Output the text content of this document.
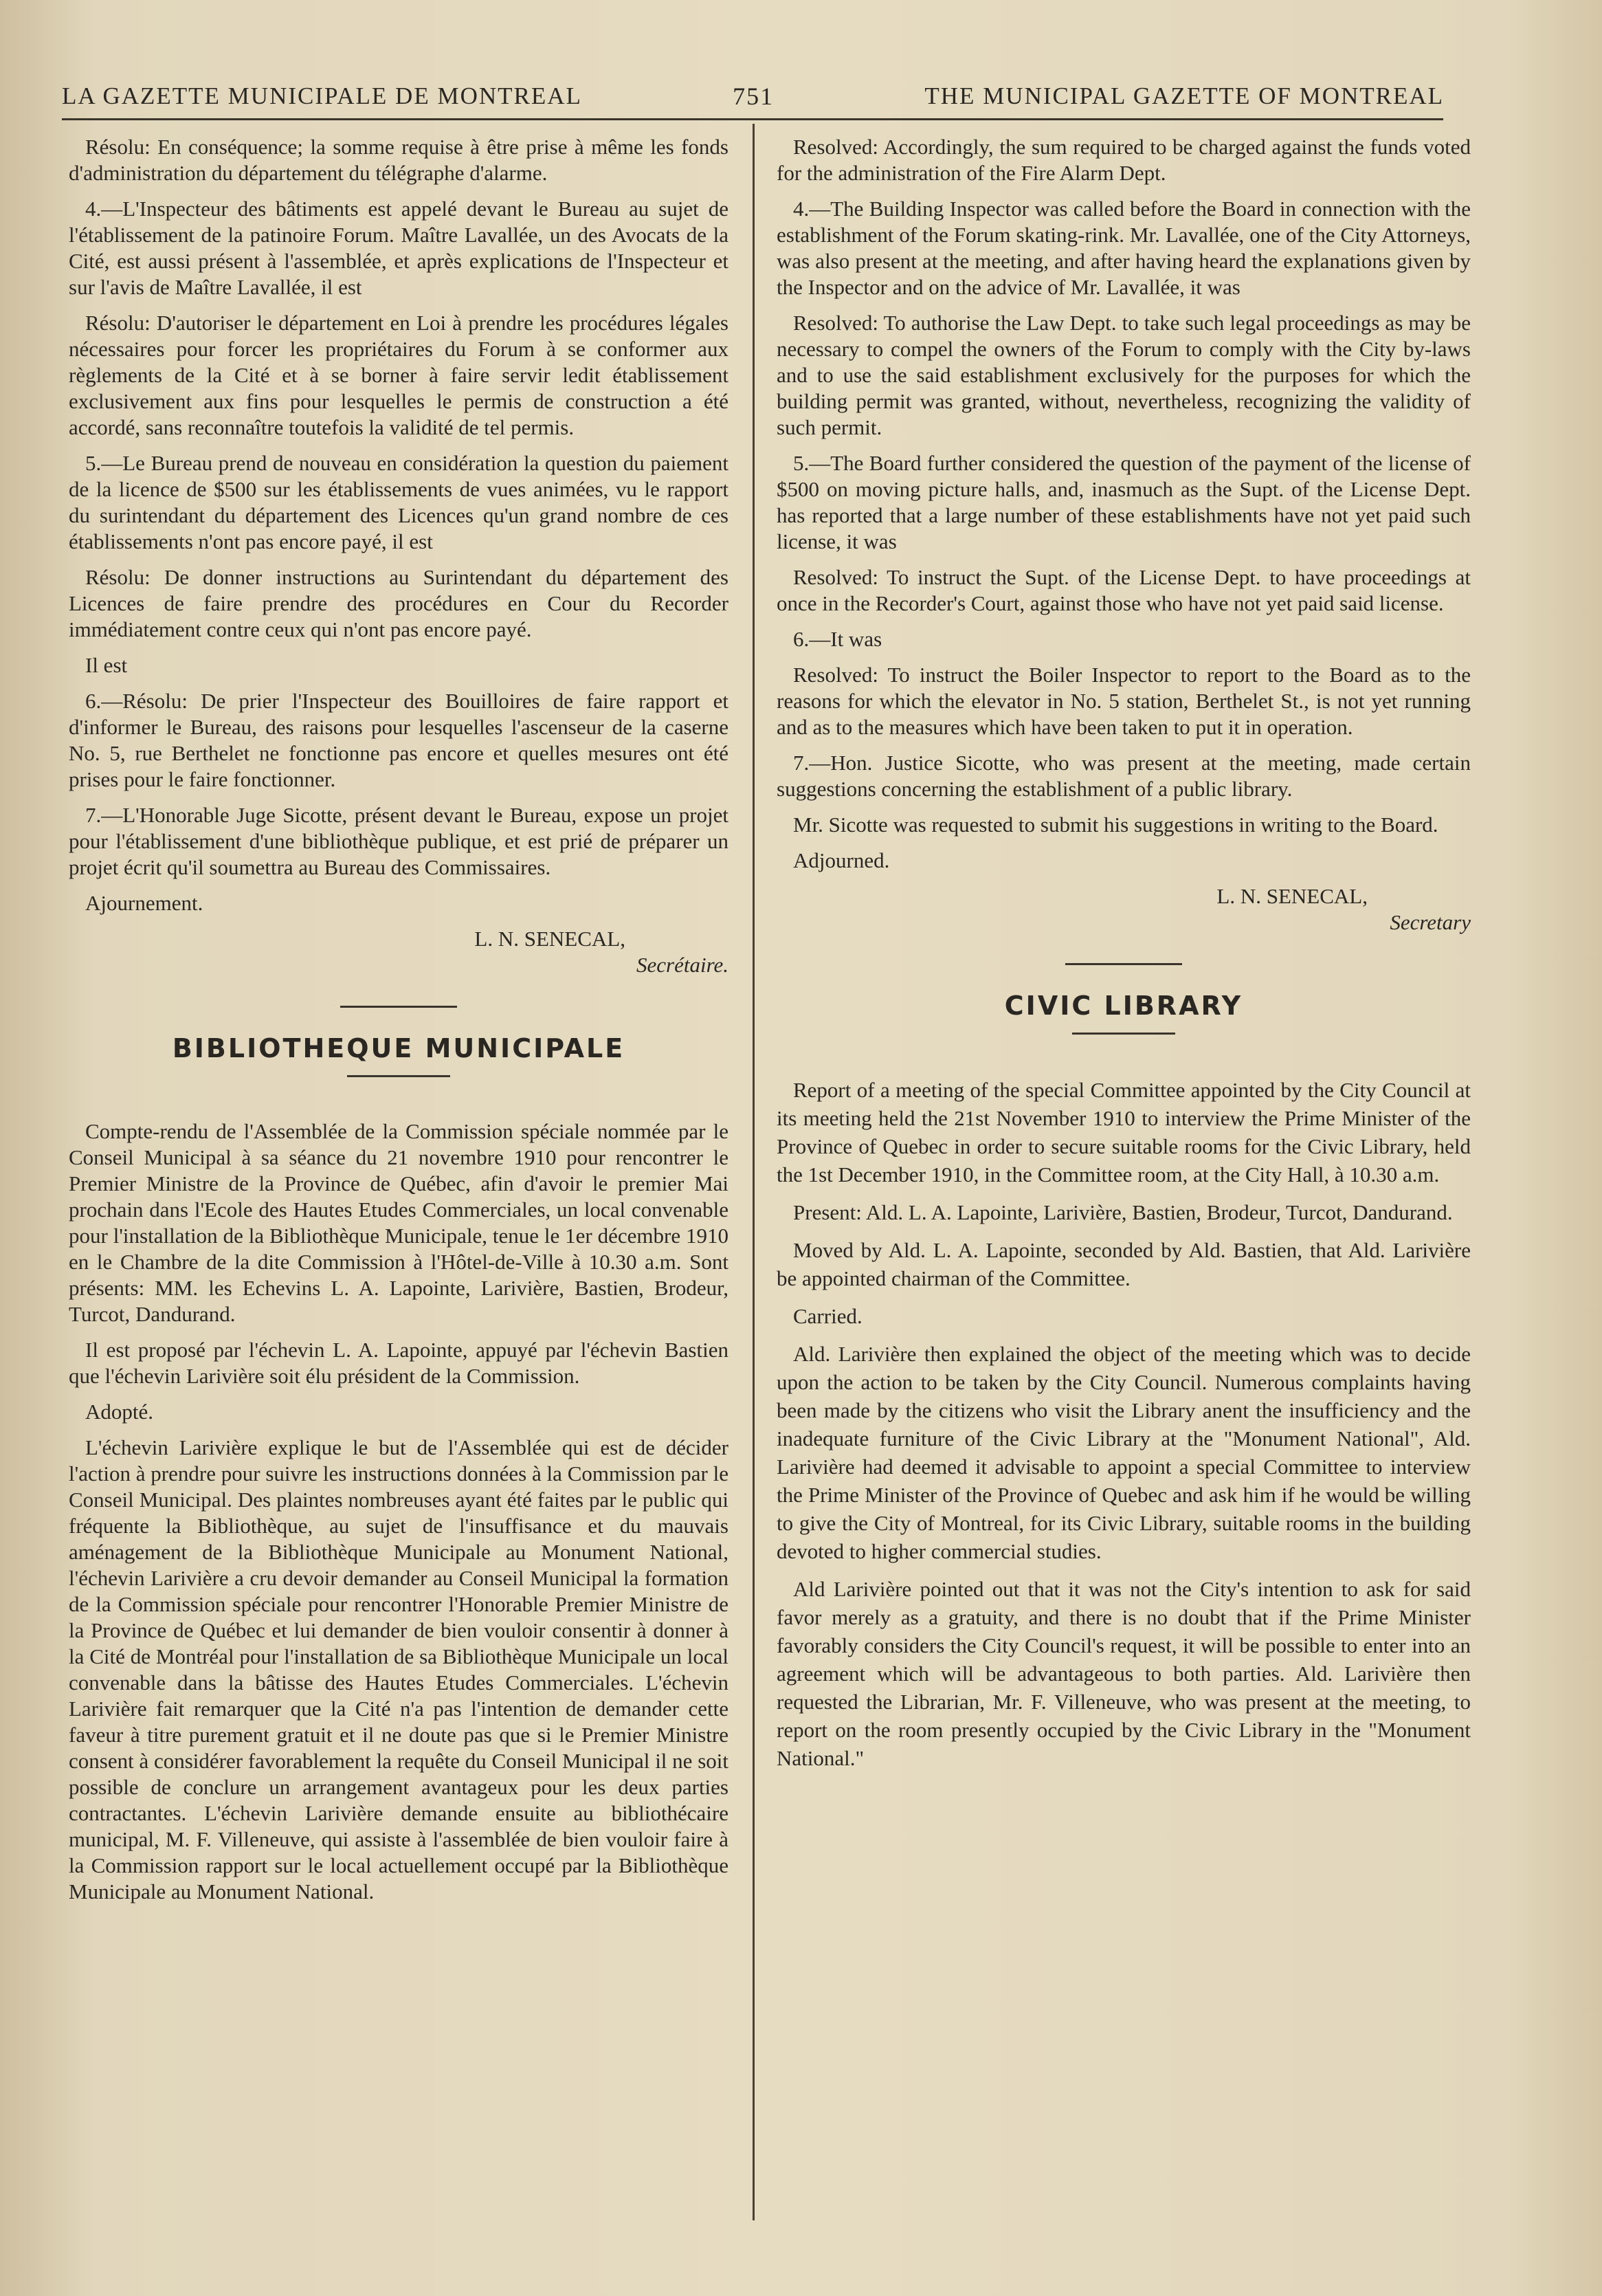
LA GAZETTE MUNICIPALE DE MONTREAL	751	THE MUNICIPAL GAZETTE OF MONTREAL

Résolu: En conséquence; la somme requise à être prise à même les fonds d'administration du département du télégraphe d'alarme.

4.—L'Inspecteur des bâtiments est appelé devant le Bureau au sujet de l'établissement de la patinoire Forum. Maître Lavallée, un des Avocats de la Cité, est aussi présent à l'assemblée, et après explications de l'Inspecteur et sur l'avis de Maître Lavallée, il est

Résolu: D'autoriser le département en Loi à prendre les procédures légales nécessaires pour forcer les propriétaires du Forum à se conformer aux règlements de la Cité et à se borner à faire servir ledit établissement exclusivement aux fins pour lesquelles le permis de construction a été accordé, sans reconnaître toutefois la validité de tel permis.

5.—Le Bureau prend de nouveau en considération la question du paiement de la licence de $500 sur les établissements de vues animées, vu le rapport du surintendant du département des Licences qu'un grand nombre de ces établissements n'ont pas encore payé, il est

Résolu: De donner instructions au Surintendant du département des Licences de faire prendre des procédures en Cour du Recorder immédiatement contre ceux qui n'ont pas encore payé.

Il est

6.—Résolu: De prier l'Inspecteur des Bouilloires de faire rapport et d'informer le Bureau, des raisons pour lesquelles l'ascenseur de la caserne No. 5, rue Berthelet ne fonctionne pas encore et quelles mesures ont été prises pour le faire fonctionner.

7.—L'Honorable Juge Sicotte, présent devant le Bureau, expose un projet pour l'établissement d'une bibliothèque publique, et est prié de préparer un projet écrit qu'il soumettra au Bureau des Commissaires.

Ajournement.

L. N. SENECAL,
Secrétaire.
BIBLIOTHEQUE MUNICIPALE

Compte-rendu de l'Assemblée de la Commission spéciale nommée par le Conseil Municipal à sa séance du 21 novembre 1910 pour rencontrer le Premier Ministre de la Province de Québec, afin d'avoir le premier Mai prochain dans l'Ecole des Hautes Etudes Commerciales, un local convenable pour l'installation de la Bibliothèque Municipale, tenue le 1er décembre 1910 en le Chambre de la dite Commission à l'Hôtel-de-Ville à 10.30 a.m. Sont présents: MM. les Echevins L. A. Lapointe, Larivière, Bastien, Brodeur, Turcot, Dandurand.

Il est proposé par l'échevin L. A. Lapointe, appuyé par l'échevin Bastien que l'échevin Larivière soit élu président de la Commission.

Adopté.

L'échevin Larivière explique le but de l'Assemblée qui est de décider l'action à prendre pour suivre les instructions données à la Commission par le Conseil Municipal. Des plaintes nombreuses ayant été faites par le public qui fréquente la Bibliothèque, au sujet de l'insuffisance et du mauvais aménagement de la Bibliothèque Municipale au Monument National, l'échevin Larivière a cru devoir demander au Conseil Municipal la formation de la Commission spéciale pour rencontrer l'Honorable Premier Ministre de la Province de Québec et lui demander de bien vouloir consentir à donner à la Cité de Montréal pour l'installation de sa Bibliothèque Municipale un local convenable dans la bâtisse des Hautes Etudes Commerciales. L'échevin Larivière fait remarquer que la Cité n'a pas l'intention de demander cette faveur à titre purement gratuit et il ne doute pas que si le Premier Ministre consent à considérer favorablement la requête du Conseil Municipal il ne soit possible de conclure un arrangement avantageux pour les deux parties contractantes. L'échevin Larivière demande ensuite au bibliothécaire municipal, M. F. Villeneuve, qui assiste à l'assemblée de bien vouloir faire à la Commission rapport sur le local actuellement occupé par la Bibliothèque Municipale au Monument National.

Resolved: Accordingly, the sum required to be charged against the funds voted for the administration of the Fire Alarm Dept.

4.—The Building Inspector was called before the Board in connection with the establishment of the Forum skating-rink. Mr. Lavallée, one of the City Attorneys, was also present at the meeting, and after having heard the explanations given by the Inspector and on the advice of Mr. Lavallée, it was

Resolved: To authorise the Law Dept. to take such legal proceedings as may be necessary to compel the owners of the Forum to comply with the City by-laws and to use the said establishment exclusively for the purposes for which the building permit was granted, without, nevertheless, recognizing the validity of such permit.

5.—The Board further considered the question of the payment of the license of $500 on moving picture halls, and, inasmuch as the Supt. of the License Dept. has reported that a large number of these establishments have not yet paid such license, it was

Resolved: To instruct the Supt. of the License Dept. to have proceedings at once in the Recorder's Court, against those who have not yet paid said license.

6.—It was

Resolved: To instruct the Boiler Inspector to report to the Board as to the reasons for which the elevator in No. 5 station, Berthelet St., is not yet running and as to the measures which have been taken to put it in operation.

7.—Hon. Justice Sicotte, who was present at the meeting, made certain suggestions concerning the establishment of a public library.

Mr. Sicotte was requested to submit his suggestions in writing to the Board.

Adjourned.

L. N. SENECAL,
Secretary
CIVIC LIBRARY

Report of a meeting of the special Committee appointed by the City Council at its meeting held the 21st November 1910 to interview the Prime Minister of the Province of Quebec in order to secure suitable rooms for the Civic Library, held the 1st December 1910, in the Committee room, at the City Hall, à 10.30 a.m.

Present: Ald. L. A. Lapointe, Larivière, Bastien, Brodeur, Turcot, Dandurand.

Moved by Ald. L. A. Lapointe, seconded by Ald. Bastien, that Ald. Larivière be appointed chairman of the Committee.

Carried.

Ald. Larivière then explained the object of the meeting which was to decide upon the action to be taken by the City Council. Numerous complaints having been made by the citizens who visit the Library anent the insufficiency and the inadequate furniture of the Civic Library at the "Monument National", Ald. Larivière had deemed it advisable to appoint a special Committee to interview the Prime Minister of the Province of Quebec and ask him if he would be willing to give the City of Montreal, for its Civic Library, suitable rooms in the building devoted to higher commercial studies.

Ald Larivière pointed out that it was not the City's intention to ask for said favor merely as a gratuity, and there is no doubt that if the Prime Minister favorably considers the City Council's request, it will be possible to enter into an agreement which will be advantageous to both parties. Ald. Larivière then requested the Librarian, Mr. F. Villeneuve, who was present at the meeting, to report on the room presently occupied by the Civic Library in the "Monument National."
